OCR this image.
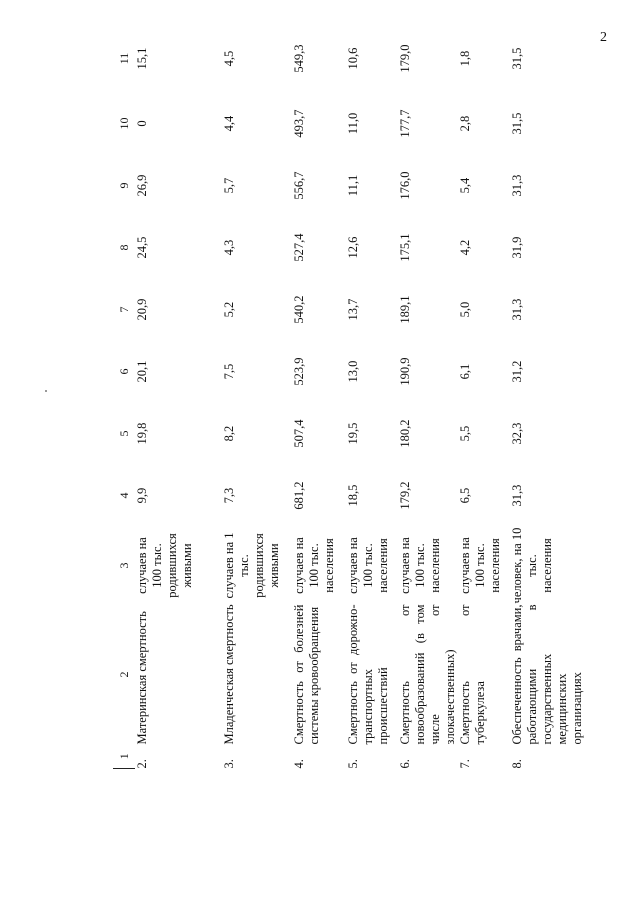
2
1	2	3	4	5	6	7	8	9	10	11
2.	Материнская смертность	случаев на 100 тыс. родившихся живыми	9,9	19,8	20,1	20,9	24,5	26,9	0	15,1
3.	Младенческая смертность	случаев на 1 тыс. родившихся живыми	7,3	8,2	7,5	5,2	4,3	5,7	4,4	4,5
4.	Смертность от болезней системы кровообращения	случаев на 100 тыс. населения	681,2	507,4	523,9	540,2	527,4	556,7	493,7	549,3
5.	Смертность от дорожно-транспортных происшествий	случаев на 100 тыс. населения	18,5	19,5	13,0	13,7	12,6	11,1	11,0	10,6
6.	Смертность от новообразований (в том числе от злокачественных)	случаев на 100 тыс. населения	179,2	180,2	190,9	189,1	175,1	176,0	177,7	179,0
7.	Смертность от туберкулеза	случаев на 100 тыс. населения	6,5	5,5	6,1	5,0	4,2	5,4	2,8	1,8
8.	Обеспеченность врачами, работающими в государственных медицинских организациях	человек, на 10 тыс. населения	31,3	32,3	31,2	31,3	31,9	31,3	31,5	31,5
